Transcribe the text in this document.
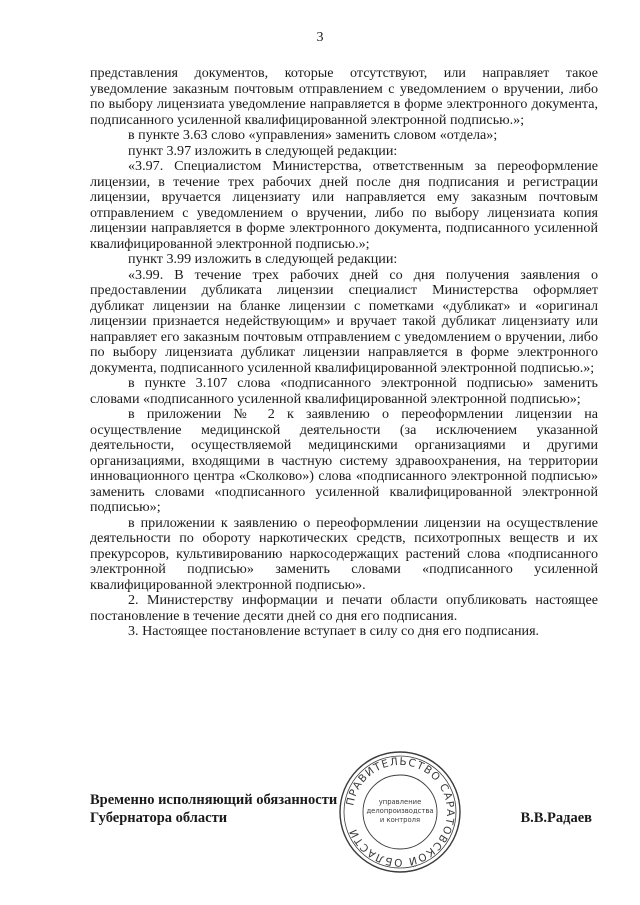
3

представления документов, которые отсутствуют, или направляет такое уведомление заказным почтовым отправлением с уведомлением о вручении, либо по выбору лицензиата уведомление направляется в форме электронного документа, подписанного усиленной квалифицированной электронной подписью.»;

в пункте 3.63 слово «управления» заменить словом «отдела»;

пункт 3.97 изложить в следующей редакции:

«3.97. Специалистом Министерства, ответственным за переоформление лицензии, в течение трех рабочих дней после дня подписания и регистрации лицензии, вручается лицензиату или направляется ему заказным почтовым отправлением с уведомлением о вручении, либо по выбору лицензиата копия лицензии направляется в форме электронного документа, подписанного усиленной квалифицированной электронной подписью.»;

пункт 3.99 изложить в следующей редакции:

«3.99. В течение трех рабочих дней со дня получения заявления о предоставлении дубликата лицензии специалист Министерства оформляет дубликат лицензии на бланке лицензии с пометками «дубликат» и «оригинал лицензии признается недействующим» и вручает такой дубликат лицензиату или направляет его заказным почтовым отправлением с уведомлением о вручении, либо по выбору лицензиата дубликат лицензии направляется в форме электронного документа, подписанного усиленной квалифицированной электронной подписью.»;

в пункте 3.107 слова «подписанного электронной подписью» заменить словами «подписанного усиленной квалифицированной электронной подписью»;

в приложении № 2 к заявлению о переоформлении лицензии на осуществление медицинской деятельности (за исключением указанной деятельности, осуществляемой медицинскими организациями и другими организациями, входящими в частную систему здравоохранения, на территории инновационного центра «Сколково») слова «подписанного электронной подписью» заменить словами «подписанного усиленной квалифицированной электронной подписью»;

в приложении к заявлению о переоформлении лицензии на осуществление деятельности по обороту наркотических средств, психотропных веществ и их прекурсоров, культивированию наркосодержащих растений слова «подписанного электронной подписью» заменить словами «подписанного усиленной квалифицированной электронной подписью».

2. Министерству информации и печати области опубликовать настоящее постановление в течение десяти дней со дня его подписания.

3. Настоящее постановление вступает в силу со дня его подписания.

ПРАВИТЕЛЬСТВО САРАТОВСКОЙ ОБЛАСТИ
управление делопроизводства и контроля
Временно исполняющий обязанности
Губернатора области	В.В.Радаев
